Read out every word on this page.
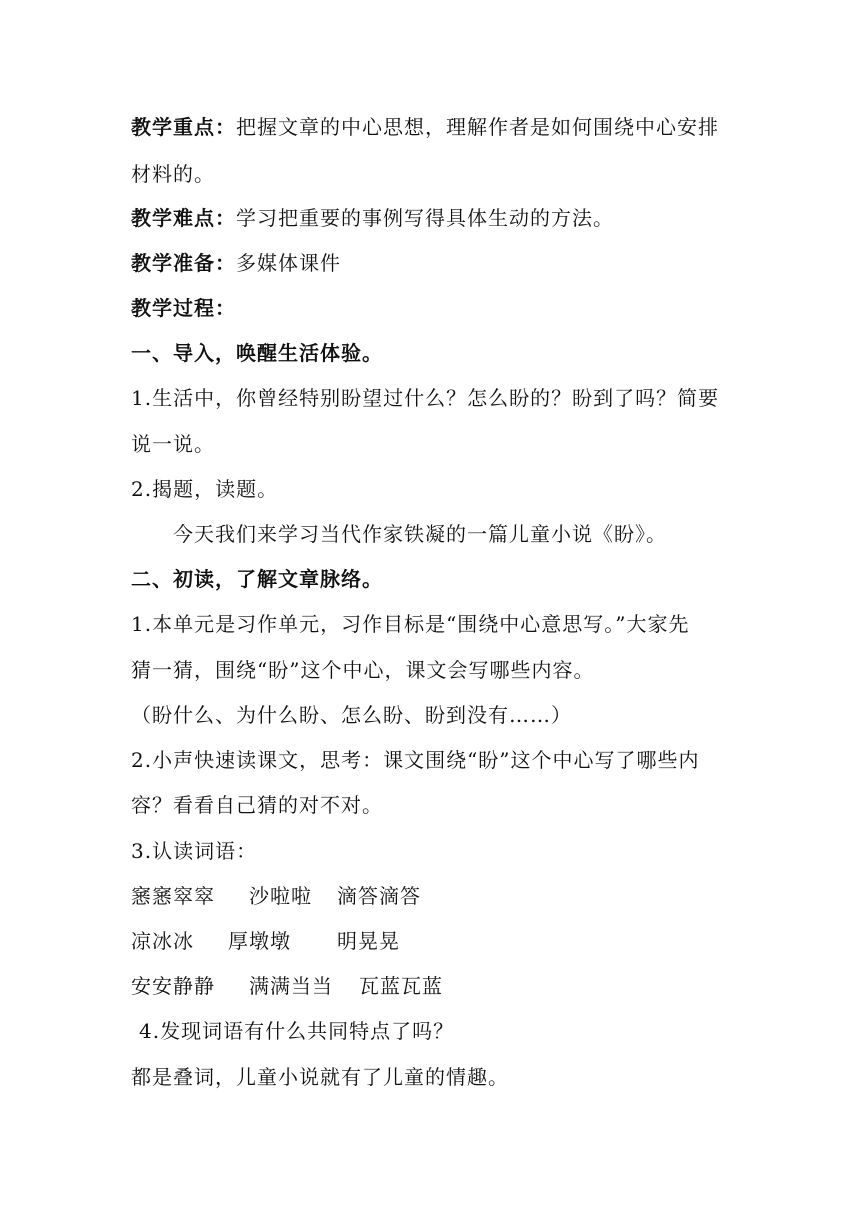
教学重点：把握文章的中心思想，理解作者是如何围绕中心安排
材料的。
教学难点：学习把重要的事例写得具体生动的方法。
教学准备：多媒体课件
教学过程：
一、导入，唤醒生活体验。
1.生活中，你曾经特别盼望过什么？怎么盼的？盼到了吗？简要
说一说。
2.揭题，读题。
今天我们来学习当代作家铁凝的一篇儿童小说《盼》。
二、初读，了解文章脉络。
1.本单元是习作单元，习作目标是“围绕中心意思写。”大家先
猜一猜，围绕“盼”这个中心，课文会写哪些内容。
（盼什么、为什么盼、怎么盼、盼到没有……）
2.小声快速读课文，思考：课文围绕“盼”这个中心写了哪些内
容？看看自己猜的对不对。
3.认读词语：
窸窸窣窣 沙啦啦 滴答滴答
凉冰冰 厚墩墩 明晃晃
安安静静 满满当当 瓦蓝瓦蓝
4.发现词语有什么共同特点了吗？
都是叠词，儿童小说就有了儿童的情趣。
